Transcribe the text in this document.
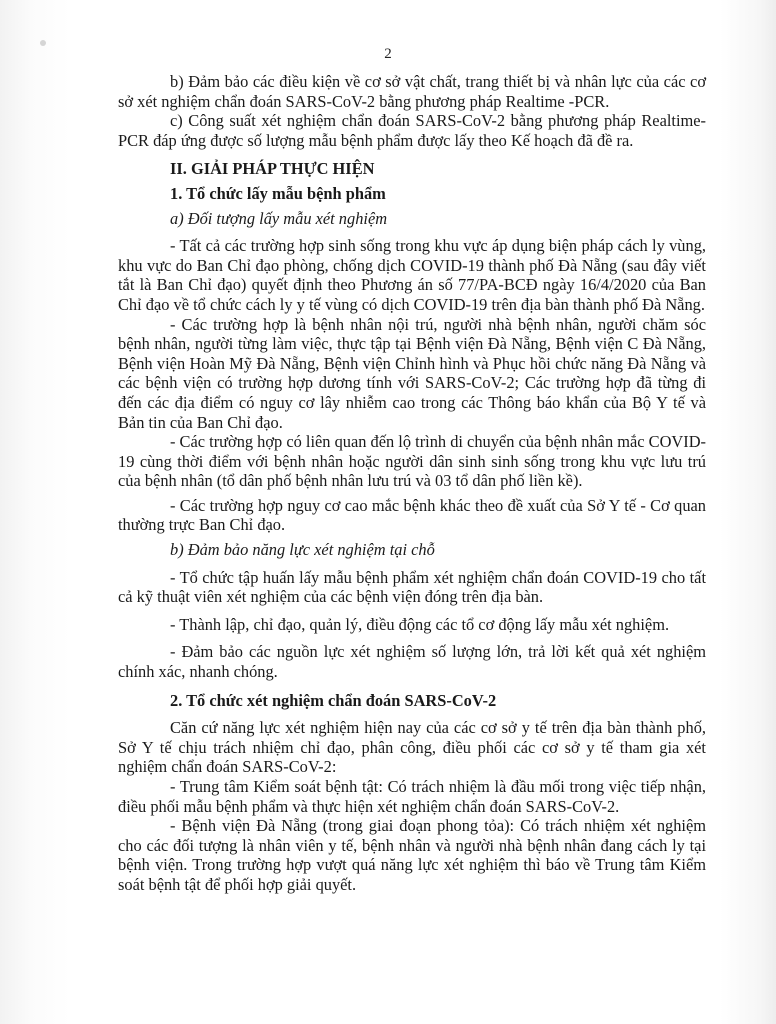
2

b) Đảm bảo các điều kiện về cơ sở vật chất, trang thiết bị và nhân lực của các cơ sở xét nghiệm chẩn đoán SARS-CoV-2 bằng phương pháp Realtime -PCR.

c) Công suất xét nghiệm chẩn đoán SARS-CoV-2 bằng phương pháp Realtime-PCR đáp ứng được số lượng mẫu bệnh phẩm được lấy theo Kế hoạch đã đề ra.

II. GIẢI PHÁP THỰC HIỆN

1. Tổ chức lấy mẫu bệnh phẩm

a) Đối tượng lấy mẫu xét nghiệm

- Tất cả các trường hợp sinh sống trong khu vực áp dụng biện pháp cách ly vùng, khu vực do Ban Chỉ đạo phòng, chống dịch COVID-19 thành phố Đà Nẵng (sau đây viết tắt là Ban Chỉ đạo) quyết định theo Phương án số 77/PA-BCĐ ngày 16/4/2020 của Ban Chỉ đạo về tổ chức cách ly y tế vùng có dịch COVID-19 trên địa bàn thành phố Đà Nẵng.

- Các trường hợp là bệnh nhân nội trú, người nhà bệnh nhân, người chăm sóc bệnh nhân, người từng làm việc, thực tập tại Bệnh viện Đà Nẵng, Bệnh viện C Đà Nẵng, Bệnh viện Hoàn Mỹ Đà Nẵng, Bệnh viện Chỉnh hình và Phục hồi chức năng Đà Nẵng và các bệnh viện có trường hợp dương tính với SARS-CoV-2; Các trường hợp đã từng đi đến các địa điểm có nguy cơ lây nhiễm cao trong các Thông báo khẩn của Bộ Y tế và Bản tin của Ban Chỉ đạo.

- Các trường hợp có liên quan đến lộ trình di chuyển của bệnh nhân mắc COVID-19 cùng thời điểm với bệnh nhân hoặc người dân sinh sinh sống trong khu vực lưu trú của bệnh nhân (tổ dân phố bệnh nhân lưu trú và 03 tổ dân phố liền kề).

- Các trường hợp nguy cơ cao mắc bệnh khác theo đề xuất của Sở Y tế - Cơ quan thường trực Ban Chỉ đạo.

b) Đảm bảo năng lực xét nghiệm tại chỗ

- Tổ chức tập huấn lấy mẫu bệnh phẩm xét nghiệm chẩn đoán COVID-19 cho tất cả kỹ thuật viên xét nghiệm của các bệnh viện đóng trên địa bàn.

- Thành lập, chỉ đạo, quản lý, điều động các tổ cơ động lấy mẫu xét nghiệm.

- Đảm bảo các nguồn lực xét nghiệm số lượng lớn, trả lời kết quả xét nghiệm chính xác, nhanh chóng.

2. Tổ chức xét nghiệm chẩn đoán SARS-CoV-2

Căn cứ năng lực xét nghiệm hiện nay của các cơ sở y tế trên địa bàn thành phố, Sở Y tế chịu trách nhiệm chỉ đạo, phân công, điều phối các cơ sở y tế tham gia xét nghiệm chẩn đoán SARS-CoV-2:

- Trung tâm Kiểm soát bệnh tật: Có trách nhiệm là đầu mối trong việc tiếp nhận, điều phối mẫu bệnh phẩm và thực hiện xét nghiệm chẩn đoán SARS-CoV-2.

- Bệnh viện Đà Nẵng (trong giai đoạn phong tỏa): Có trách nhiệm xét nghiệm cho các đối tượng là nhân viên y tế, bệnh nhân và người nhà bệnh nhân đang cách ly tại bệnh viện. Trong trường hợp vượt quá năng lực xét nghiệm thì báo về Trung tâm Kiểm soát bệnh tật để phối hợp giải quyết.
